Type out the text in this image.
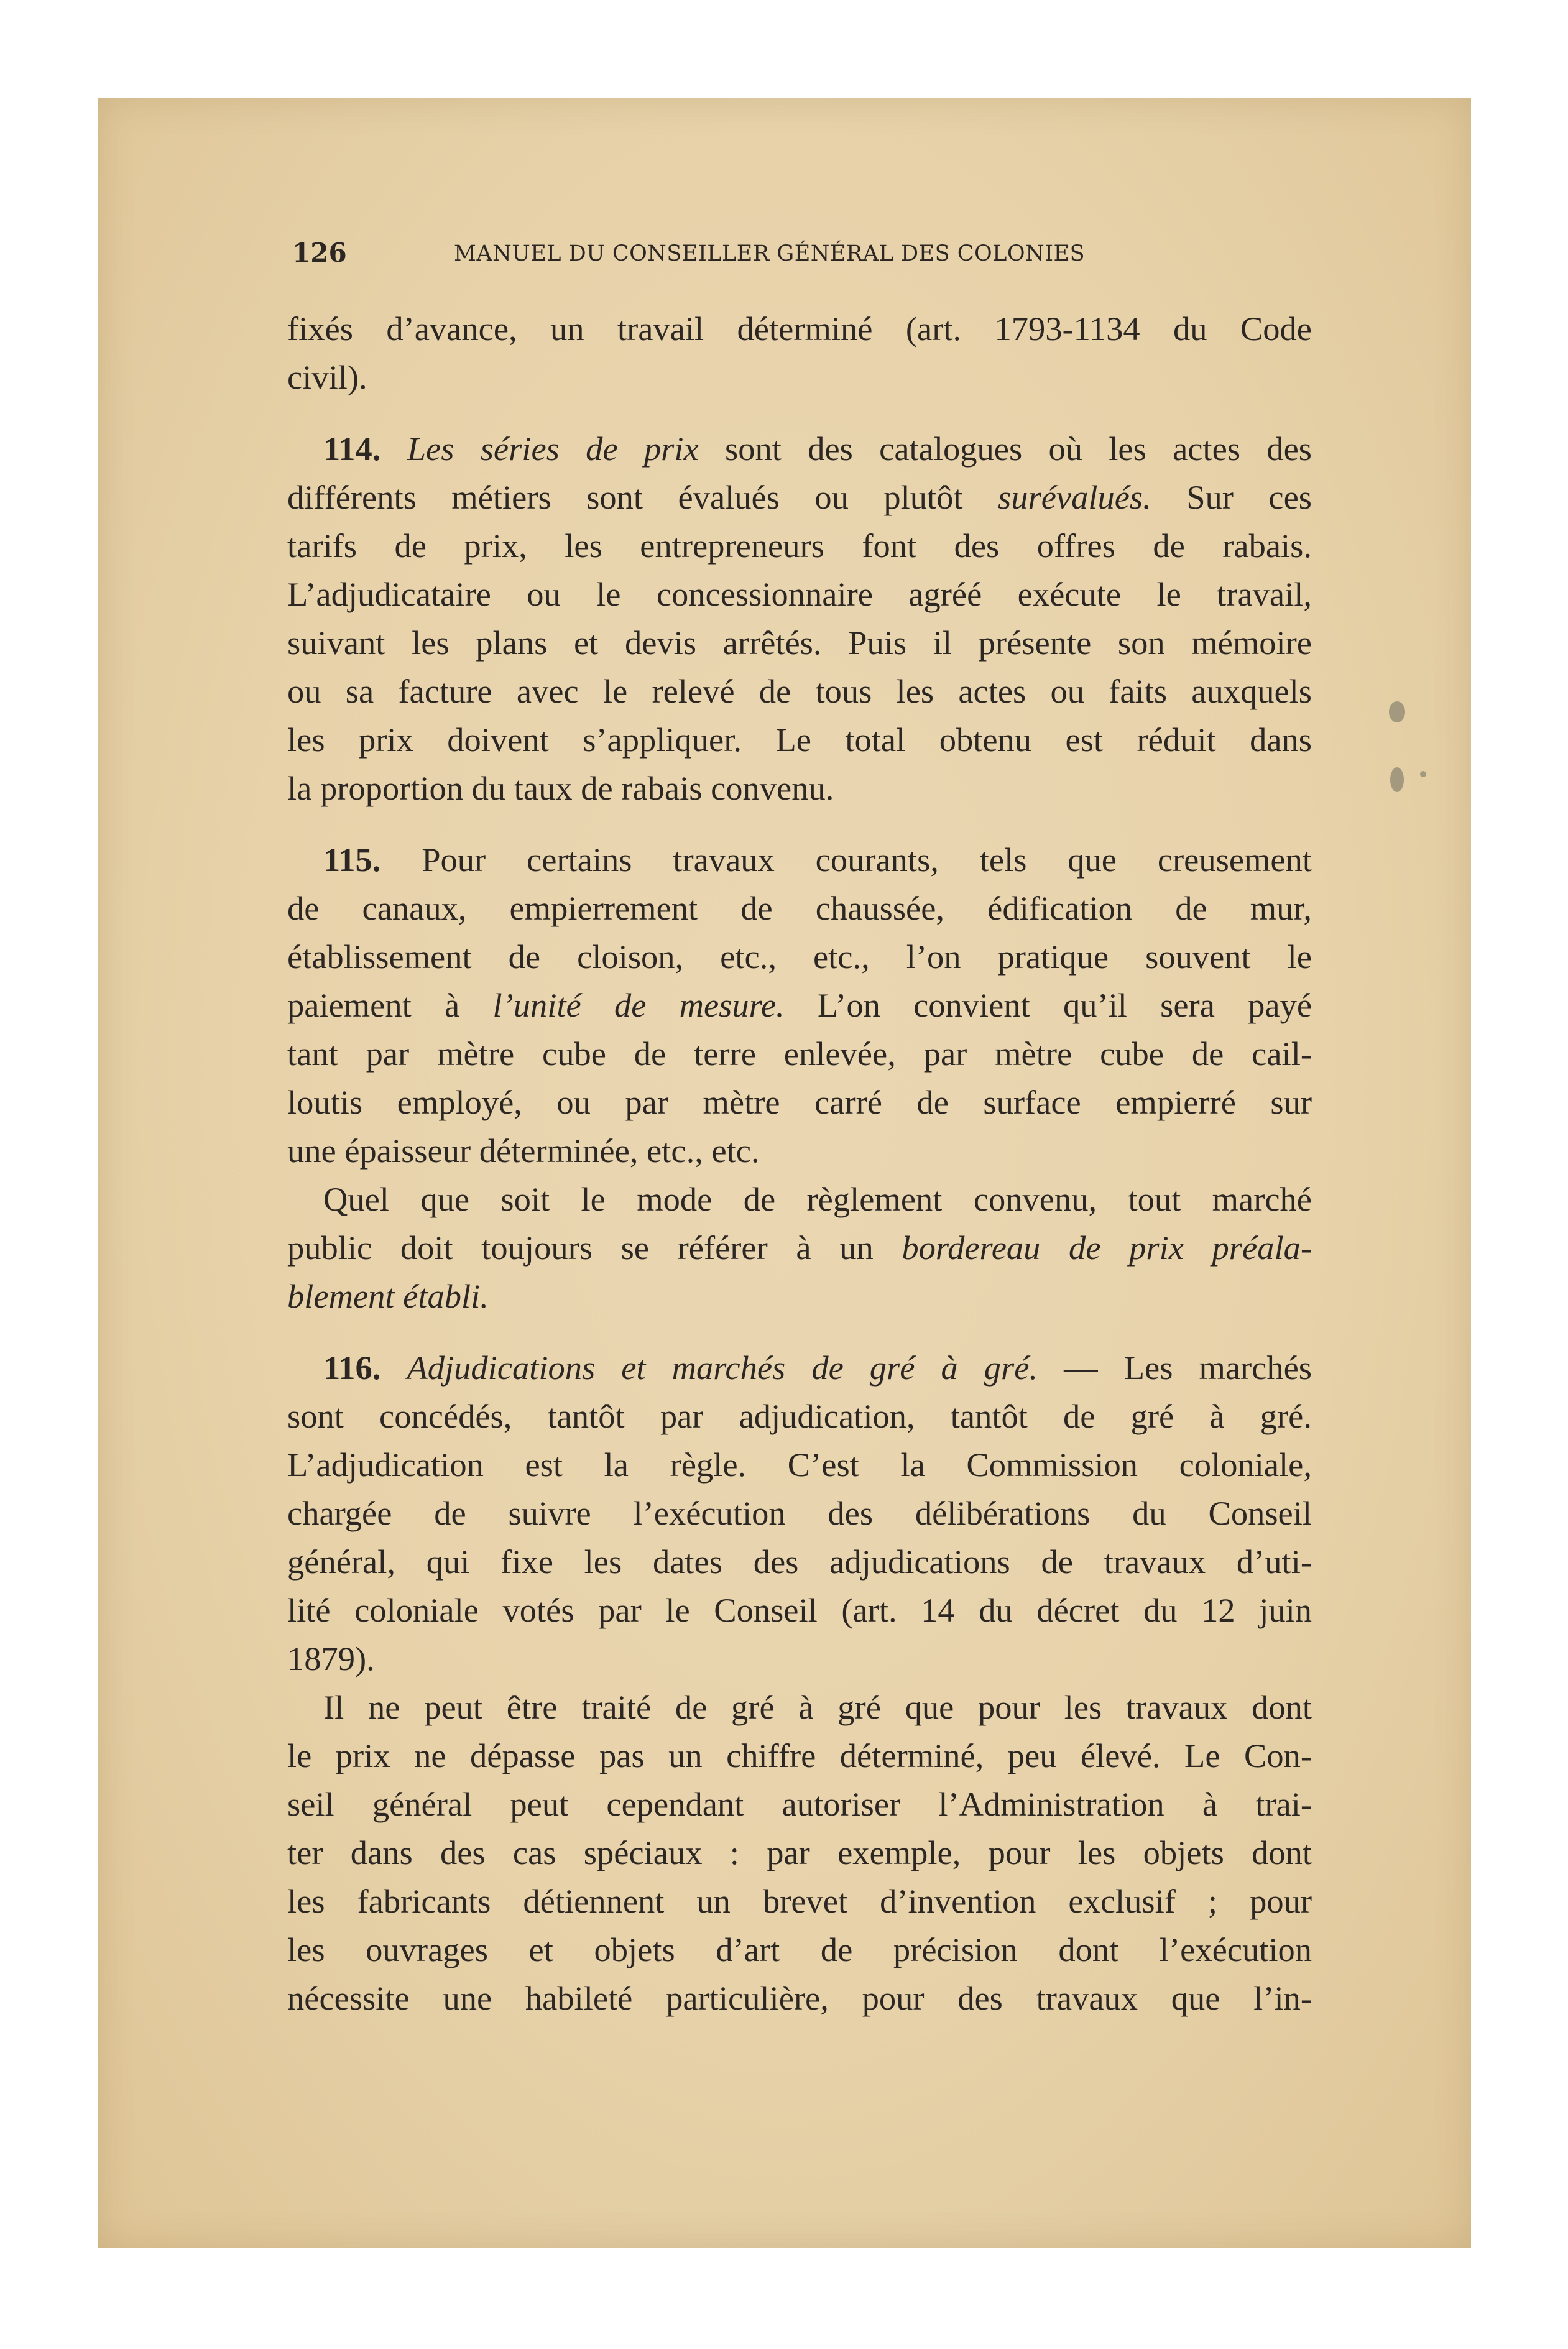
126	MANUEL DU CONSEILLER GÉNÉRAL DES COLONIES
fixés d’avance, un travail déterminé (art. 1793-1134 du Code
civil).
114. Les séries de prix sont des catalogues où les actes des
différents métiers sont évalués ou plutôt surévalués. Sur ces
tarifs de prix, les entrepreneurs font des offres de rabais.
L’adjudicataire ou le concessionnaire agréé exécute le travail,
suivant les plans et devis arrêtés. Puis il présente son mémoire
ou sa facture avec le relevé de tous les actes ou faits auxquels
les prix doivent s’appliquer. Le total obtenu est réduit dans
la proportion du taux de rabais convenu.
115. Pour certains travaux courants, tels que creusement
de canaux, empierrement de chaussée, édification de mur,
établissement de cloison, etc., etc., l’on pratique souvent le
paiement à l’unité de mesure. L’on convient qu’il sera payé
tant par mètre cube de terre enlevée, par mètre cube de cail-
loutis employé, ou par mètre carré de surface empierré sur
une épaisseur déterminée, etc., etc.
Quel que soit le mode de règlement convenu, tout marché
public doit toujours se référer à un bordereau de prix préala-
blement établi.
116. Adjudications et marchés de gré à gré. — Les marchés
sont concédés, tantôt par adjudication, tantôt de gré à gré.
L’adjudication est la règle. C’est la Commission coloniale,
chargée de suivre l’exécution des délibérations du Conseil
général, qui fixe les dates des adjudications de travaux d’uti-
lité coloniale votés par le Conseil (art. 14 du décret du 12 juin
1879).
Il ne peut être traité de gré à gré que pour les travaux dont
le prix ne dépasse pas un chiffre déterminé, peu élevé. Le Con-
seil général peut cependant autoriser l’Administration à trai-
ter dans des cas spéciaux : par exemple, pour les objets dont
les fabricants détiennent un brevet d’invention exclusif ; pour
les ouvrages et objets d’art de précision dont l’exécution
nécessite une habileté particulière, pour des travaux que l’in-
